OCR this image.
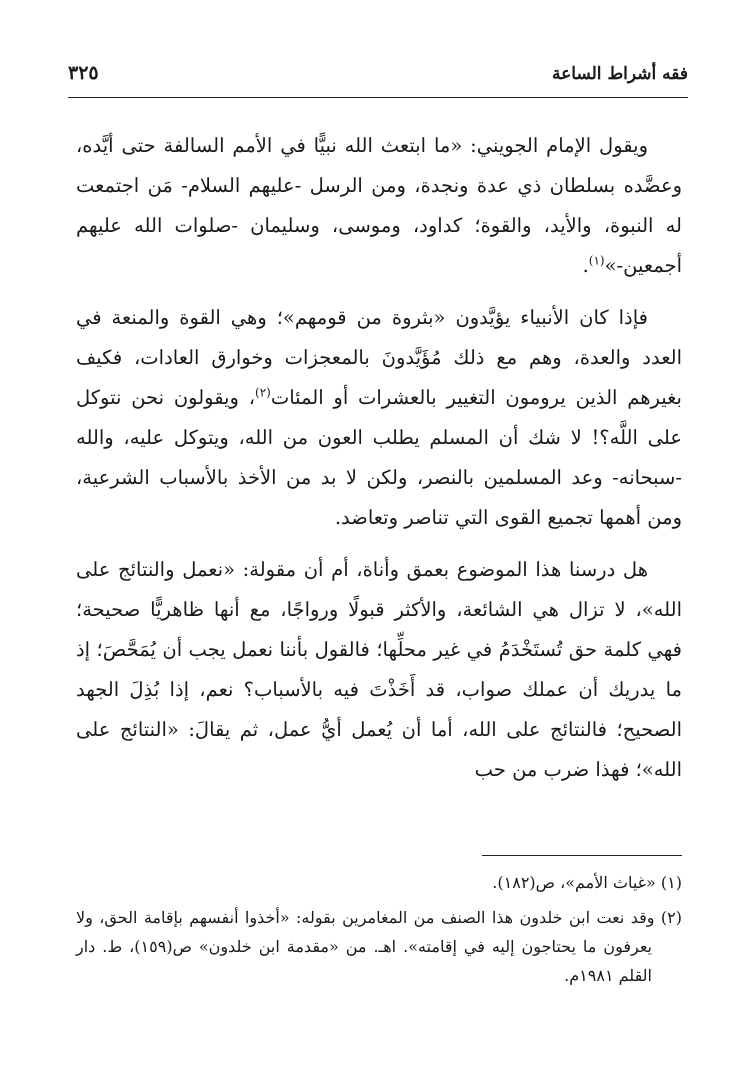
فقه أشراط الساعة
٣٢٥

ويقول الإمام الجويني: «ما ابتعث الله نبيًّا في الأمم السالفة حتى أيَّده، وعضَّده بسلطان ذي عدة ونجدة، ومن الرسل -عليهم السلام- مَن اجتمعت له النبوة، والأيد، والقوة؛ كداود، وموسى، وسليمان -صلوات الله عليهم أجمعين-»$^{(١)}$.

فإذا كان الأنبياء يؤيَّدون «بثروة من قومهم»؛ وهي القوة والمنعة في العدد والعدة، وهم مع ذلك مُؤَيَّدونَ بالمعجزات وخوارق العادات، فكيف بغيرهم الذين يرومون التغيير بالعشرات أو المئات$^{(٢)}$، ويقولون نحن نتوكل على اللَّه؟! لا شك أن المسلم يطلب العون من الله، ويتوكل عليه، والله -سبحانه- وعد المسلمين بالنصر، ولكن لا بد من الأخذ بالأسباب الشرعية، ومن أهمها تجميع القوى التي تناصر وتعاضد.

هل درسنا هذا الموضوع بعمق وأناة، أم أن مقولة: «نعمل والنتائج على الله»، لا تزال هي الشائعة، والأكثر قبولًا ورواجًا، مع أنها ظاهريًّا صحيحة؛ فهي كلمة حق تُستَخْدَمُ في غير محلِّها؛ فالقول بأننا نعمل يجب أن يُمَحَّصَ؛ إذ ما يدريك أن عملك صواب، قد أَخَذْتَ فيه بالأسباب؟ نعم، إذا بُذِلَ الجهد الصحيح؛ فالنتائج على الله، أما أن يُعمل أيُّ عمل، ثم يقالَ: «النتائج على الله»؛ فهذا ضرب من حب

(١) «غياث الأمم»، ص(١٨٢).
(٢) وقد نعت ابن خلدون هذا الصنف من المغامرين بقوله: «أخذوا أنفسهم بإقامة الحق، ولا يعرفون ما يحتاجون إليه في إقامته». اهـ. من «مقدمة ابن خلدون» ص(١٥٩)، ط. دار القلم ١٩٨١م.
